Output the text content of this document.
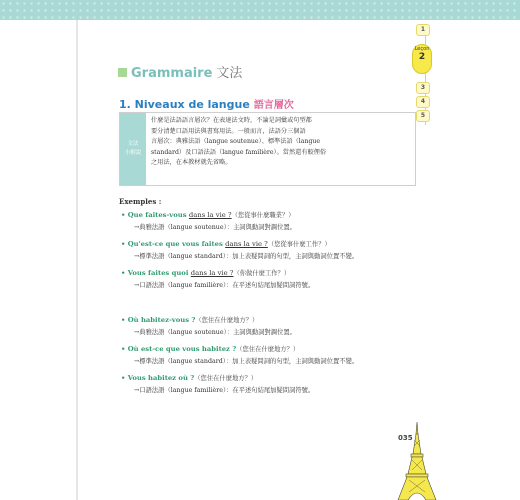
1
Leçon
2
3
4
5
Grammaire 文法
1. Niveaux de langue 語言層次
文法
小解說
什麼是法語語言層次？在表達法文時，不論是詞彙或句型都
要分清楚口語用法與書寫用法。一般而言，法語分三個語
言層次：典雅法語（langue soutenue）、標準法語（langue
standard）及口語法語（langue familière）。當然還有較俚俗
之用法，在本教材就先省略。
Exemples :
• Que faites-vous dans la vie ?（您從事什麼職業？）
→典雅法語（langue soutenue）：主詞與動詞對調位置。
• Qu'est-ce que vous faites dans la vie ?（您從事什麼工作？）
→標準法語（langue standard）：加上表疑問詞的句型，主詞與動詞位置不變。
• Vous faites quoi dans la vie ?（你做什麼工作？）
→口語法語（langue familière）：在平述句結尾加疑問詞符號。
• Où habitez-vous ?（您住在什麼地方？）
→典雅法語（langue soutenue）：主詞與動詞對調位置。
• Où est-ce que vous habitez ?（您住在什麼地方？）
→標準法語（langue standard）：加上表疑問詞的句型，主詞與動詞位置不變。
• Vous habitez où ?（您住在什麼地方？）
→口語法語（langue familière）：在平述句結尾加疑問詞符號。
035
